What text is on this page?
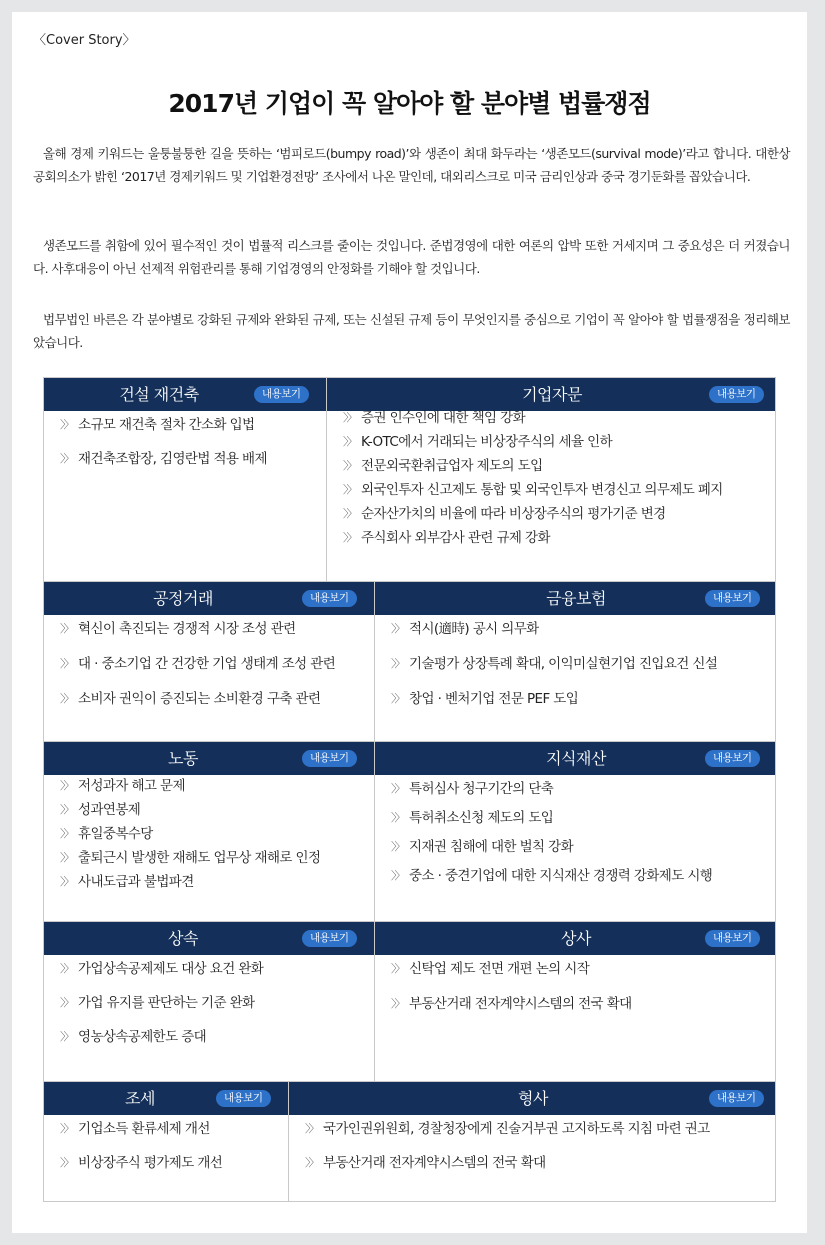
〈Cover Story〉
2017년 기업이 꼭 알아야 할 분야별 법률쟁점

올해 경제 키워드는 울퉁불퉁한 길을 뜻하는 ‘범피로드(bumpy road)’와 생존이 최대 화두라는 ‘생존모드(survival mode)’라고 합니다. 대한상공회의소가 밝힌 ‘2017년 경제키워드 및 기업환경전망’ 조사에서 나온 말인데, 대외리스크로 미국 금리인상과 중국 경기둔화를 꼽았습니다.

생존모드를 취함에 있어 필수적인 것이 법률적 리스크를 줄이는 것입니다. 준법경영에 대한 여론의 압박 또한 거세지며 그 중요성은 더 커졌습니다. 사후대응이 아닌 선제적 위험관리를 통해 기업경영의 안정화를 기해야 할 것입니다.

법무법인 바른은 각 분야별로 강화된 규제와 완화된 규제, 또는 신설된 규제 등이 무엇인지를 중심으로 기업이 꼭 알아야 할 법률쟁점을 정리해보았습니다.

건설 재건축	내용보기
〉〉 소규모 재건축 절차 간소화 입법
〉〉 재건축조합장, 김영란법 적용 배제
기업자문	내용보기
〉〉 증권 인수인에 대한 책임 강화
〉〉 K-OTC에서 거래되는 비상장주식의 세율 인하
〉〉 전문외국환취급업자 제도의 도입
〉〉 외국인투자 신고제도 통합 및 외국인투자 변경신고 의무제도 폐지
〉〉 순자산가치의 비율에 따라 비상장주식의 평가기준 변경
〉〉 주식회사 외부감사 관련 규제 강화
공정거래	내용보기
〉〉 혁신이 촉진되는 경쟁적 시장 조성 관련
〉〉 대 · 중소기업 간 건강한 기업 생태계 조성 관련
〉〉 소비자 권익이 증진되는 소비환경 구축 관련
금융보험	내용보기
〉〉 적시(適時) 공시 의무화
〉〉 기술평가 상장특례 확대, 이익미실현기업 진입요건 신설
〉〉 창업 · 벤처기업 전문 PEF 도입
노동	내용보기
〉〉 저성과자 해고 문제
〉〉 성과연봉제
〉〉 휴일중복수당
〉〉 출퇴근시 발생한 재해도 업무상 재해로 인정
〉〉 사내도급과 불법파견
지식재산	내용보기
〉〉 특허심사 청구기간의 단축
〉〉 특허취소신청 제도의 도입
〉〉 지재권 침해에 대한 벌칙 강화
〉〉 중소 · 중견기업에 대한 지식재산 경쟁력 강화제도 시행
상속	내용보기
〉〉 가업상속공제제도 대상 요건 완화
〉〉 가업 유지를 판단하는 기준 완화
〉〉 영농상속공제한도 증대
상사	내용보기
〉〉 신탁업 제도 전면 개편 논의 시작
〉〉 부동산거래 전자계약시스템의 전국 확대
조세	내용보기
〉〉 기업소득 환류세제 개선
〉〉 비상장주식 평가제도 개선
형사	내용보기
〉〉 국가인권위원회, 경찰청장에게 진술거부권 고지하도록 지침 마련 권고
〉〉 부동산거래 전자계약시스템의 전국 확대
